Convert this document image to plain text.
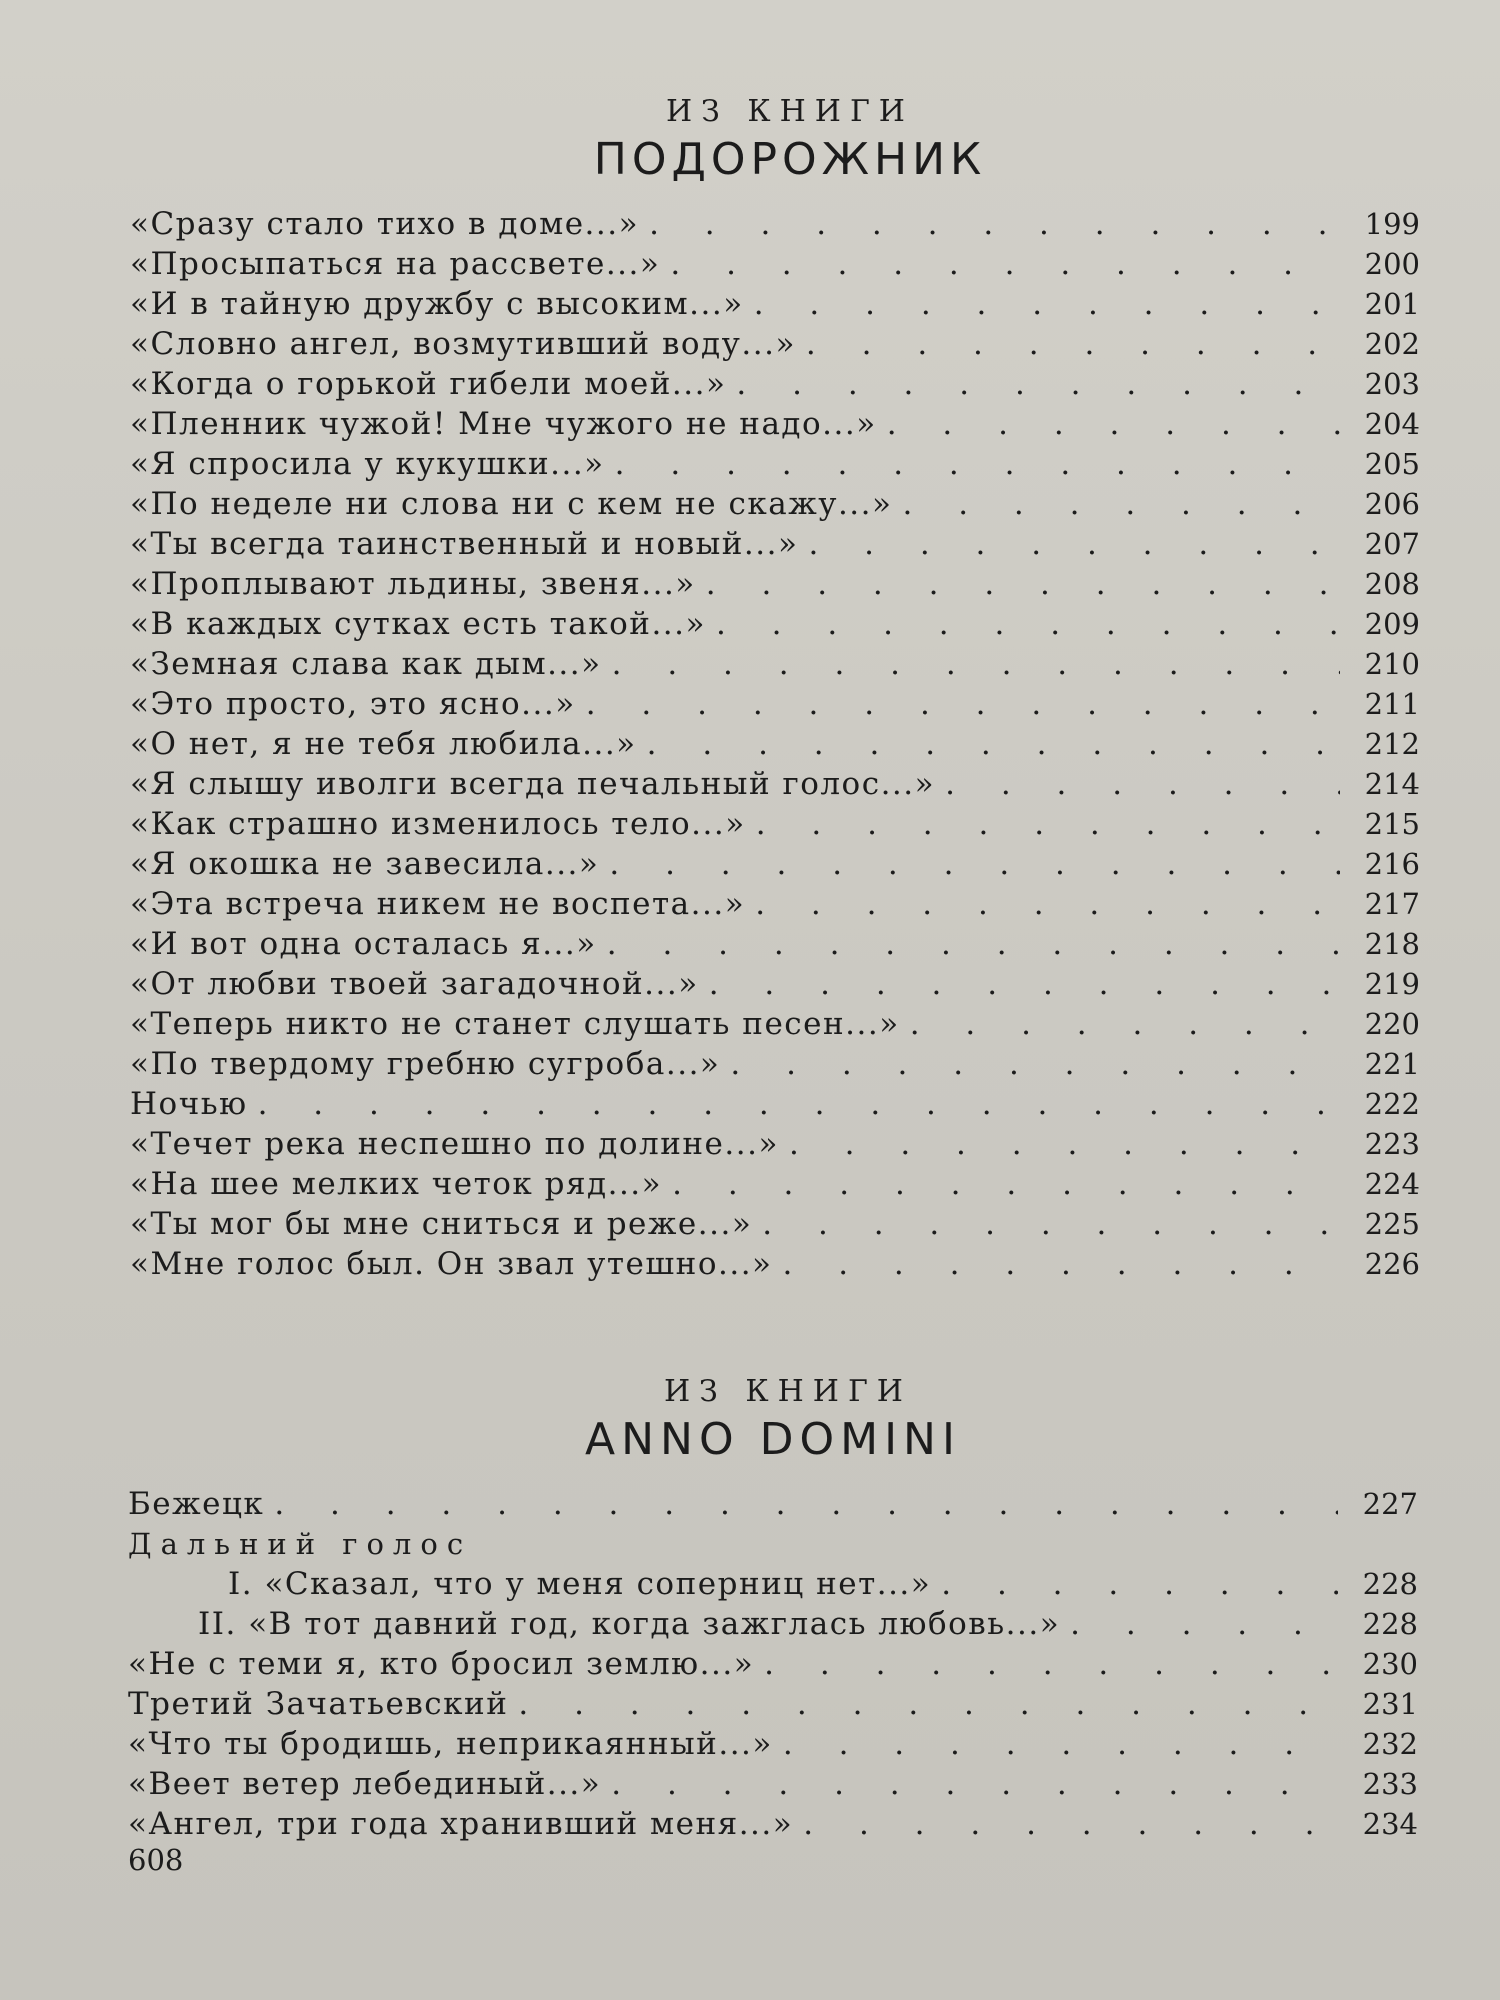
ИЗ КНИГИ
ПОДОРОЖНИК
«Сразу стало тихо в доме...» . . .	199
«Просыпаться на рассвете...» . . .	200
«И в тайную дружбу с высоким...» . . .	201
«Словно ангел, возмутивший воду...» . . .	202
«Когда о горькой гибели моей...» . . .	203
«Пленник чужой! Мне чужого не надо...» . . .	204
«Я спросила у кукушки...» . . .	205
«По неделе ни слова ни с кем не скажу...» . . .	206
«Ты всегда таинственный и новый...» . . .	207
«Проплывают льдины, звеня...» . . .	208
«В каждых сутках есть такой...» . . .	209
«Земная слава как дым...» . . .	210
«Это просто, это ясно...» . . .	211
«О нет, я не тебя любила...» . . .	212
«Я слышу иволги всегда печальный голос...» . . .	214
«Как страшно изменилось тело...» . . .	215
«Я окошка не завесила...» . . .	216
«Эта встреча никем не воспета...» . . .	217
«И вот одна осталась я...» . . .	218
«От любви твоей загадочной...» . . .	219
«Теперь никто не станет слушать песен...» . . .	220
«По твердому гребню сугроба...» . . .	221
Ночью . . .	222
«Течет река неспешно по долине...» . . .	223
«На шее мелких четок ряд...» . . .	224
«Ты мог бы мне сниться и реже...» . . .	225
«Мне голос был. Он звал утешно...» . . .	226
ИЗ КНИГИ
ANNO DOMINI
Бежецк . . .	227
Дальний голос
I. «Сказал, что у меня соперниц нет...» . . .	228
II. «В тот давний год, когда зажглась любовь...» . . .	228
«Не с теми я, кто бросил землю...» . . .	230
Третий Зачатьевский . . .	231
«Что ты бродишь, неприкаянный...» . . .	232
«Веет ветер лебединый...» . . .	233
«Ангел, три года хранивший меня...» . . .	234
608
